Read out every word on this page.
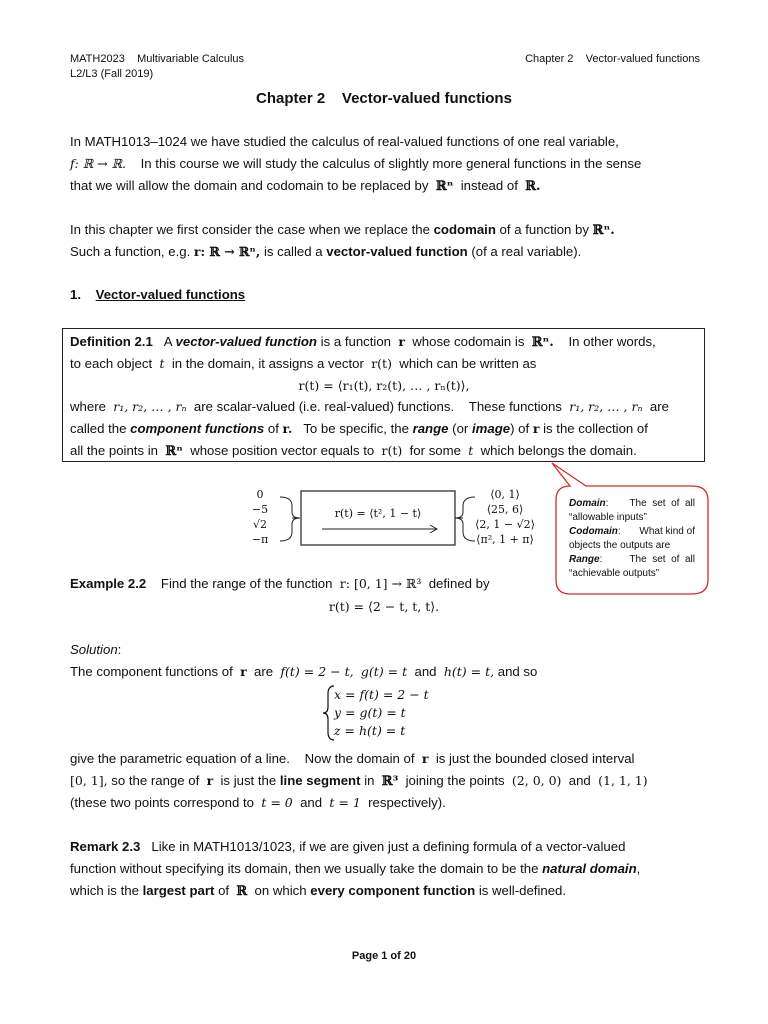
MATH2023 Multivariable Calculus
L2/L3 (Fall 2019)
Chapter 2 Vector-valued functions
Chapter 2 Vector-valued functions
In MATH1013–1024 we have studied the calculus of real-valued functions of one real variable,
f: ℝ → ℝ. In this course we will study the calculus of slightly more general functions in the sense
that we will allow the domain and codomain to be replaced by ℝⁿ instead of ℝ.
In this chapter we first consider the case when we replace the codomain of a function by ℝⁿ.
Such a function, e.g. r: ℝ → ℝⁿ, is called a vector-valued function (of a real variable).
1. Vector-valued functions
Definition 2.1 A vector-valued function is a function r whose codomain is ℝⁿ. In other words,
to each object t in the domain, it assigns a vector r(t) which can be written as
r(t) = ⟨r₁(t), r₂(t), … , rₙ(t)⟩,
where r₁, r₂, … , rₙ are scalar-valued (i.e. real-valued) functions. These functions r₁, r₂, … , rₙ are
called the component functions of r. To be specific, the range (or image) of r is the collection of
all the points in ℝⁿ whose position vector equals to r(t) for some t which belongs the domain.
0
−5
√2
−π
r(t) = ⟨t², 1 − t⟩
⟨0, 1⟩
⟨25, 6⟩
⟨2, 1 − √2⟩
⟨π², 1 + π⟩
Domain: The  set  of  all
“allowable inputs”
Codomain: What kind of
objects the outputs are
Range:	The  set  of  all
“achievable outputs”
Example 2.2 Find the range of the function r: [0, 1] → ℝ³ defined by
r(t) = ⟨2 − t, t, t⟩.
Solution:
The component functions of r are f(t) = 2 − t, g(t) = t and h(t) = t, and so
x = f(t) = 2 − t
y = g(t) = t
z = h(t) = t
give the parametric equation of a line. Now the domain of r is just the bounded closed interval
[0, 1], so the range of r is just the line segment in ℝ³ joining the points (2, 0, 0) and (1, 1, 1)
(these two points correspond to t = 0 and t = 1 respectively).
Remark 2.3 Like in MATH1013/1023, if we are given just a defining formula of a vector-valued
function without specifying its domain, then we usually take the domain to be the natural domain,
which is the largest part of ℝ on which every component function is well-defined.
Page 1 of 20
